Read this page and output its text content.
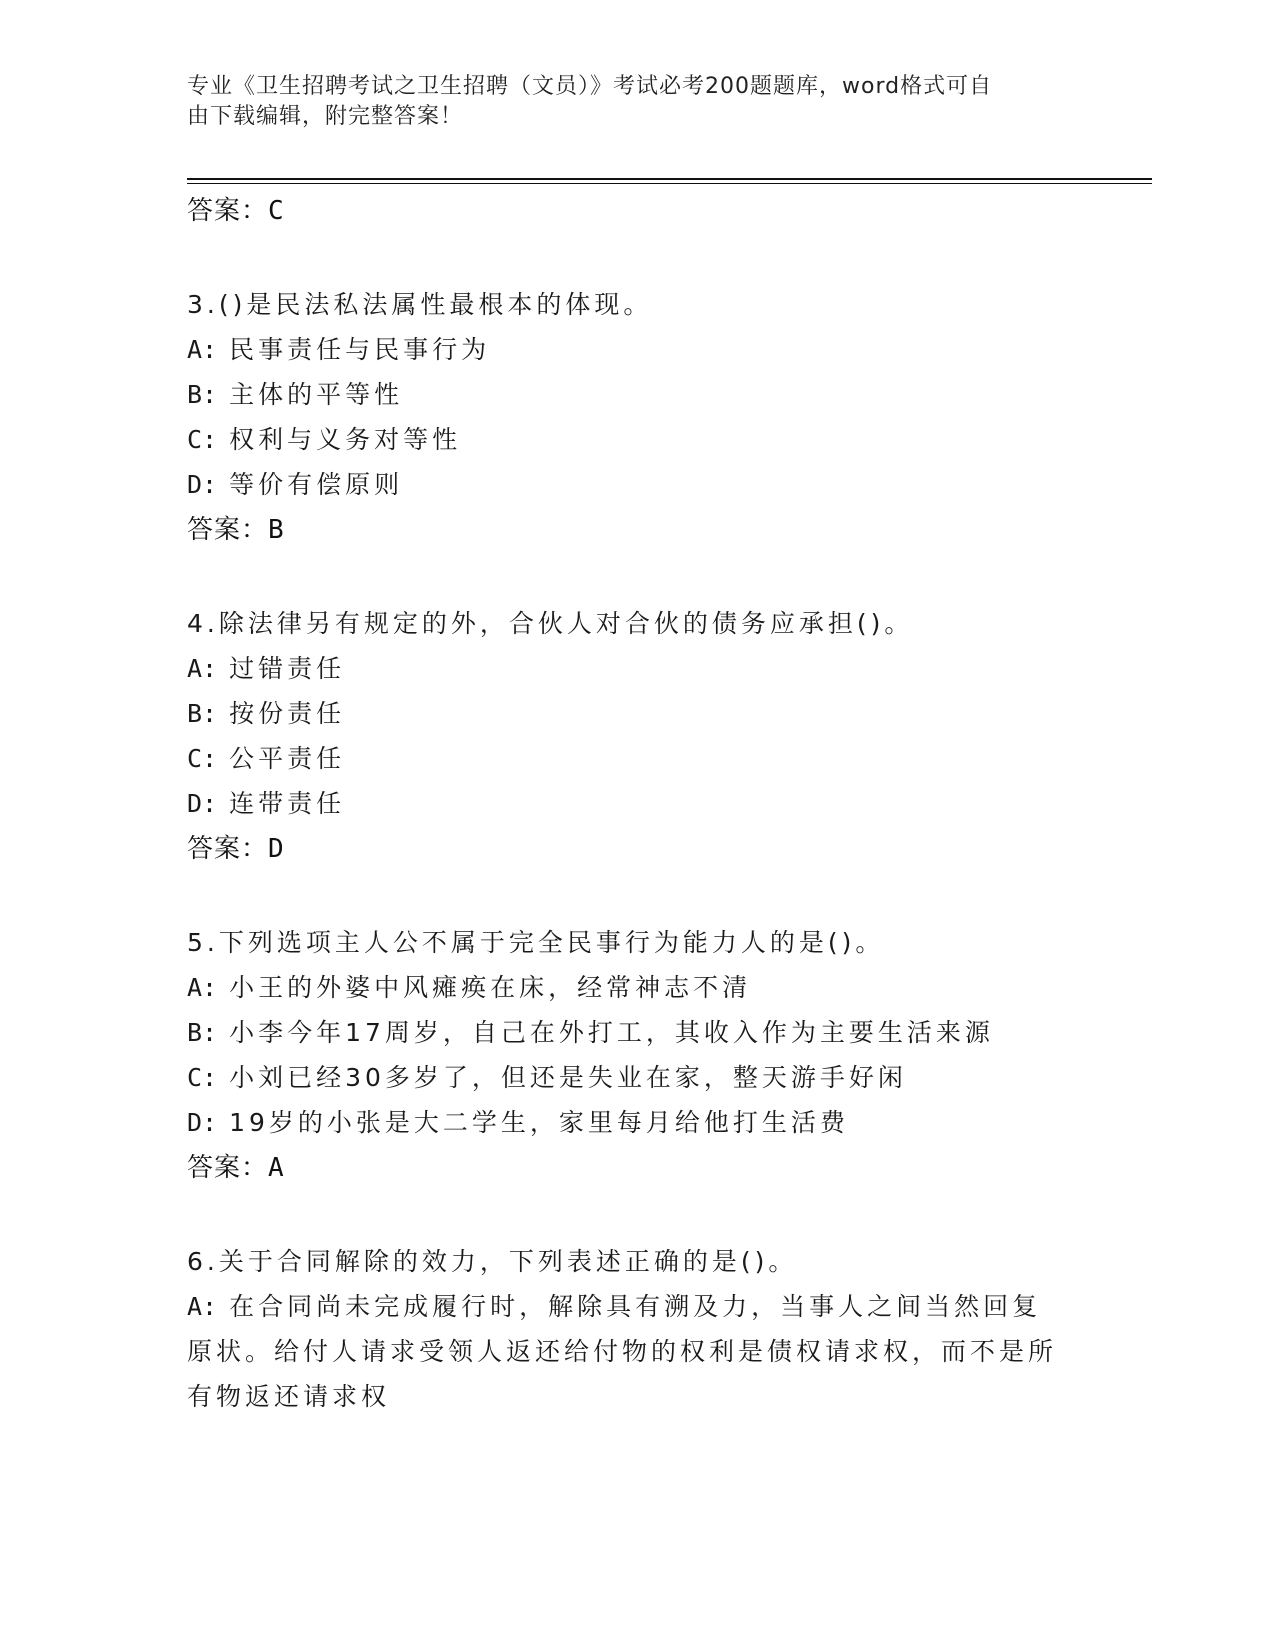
专业《卫生招聘考试之卫生招聘（文员）》考试必考200题题库，word格式可自
由下载编辑，附完整答案！
答案：C
3.()是民法私法属性最根本的体现。
A: 民事责任与民事行为
B: 主体的平等性
C: 权利与义务对等性
D: 等价有偿原则
答案：B
4.除法律另有规定的外，合伙人对合伙的债务应承担()。
A: 过错责任
B: 按份责任
C: 公平责任
D: 连带责任
答案：D
5.下列选项主人公不属于完全民事行为能力人的是()。
A: 小王的外婆中风瘫痪在床，经常神志不清
B: 小李今年17周岁，自己在外打工，其收入作为主要生活来源
C: 小刘已经30多岁了，但还是失业在家，整天游手好闲
D: 19岁的小张是大二学生，家里每月给他打生活费
答案：A
6.关于合同解除的效力，下列表述正确的是()。
A: 在合同尚未完成履行时，解除具有溯及力，当事人之间当然回复原状。给付人请求受领人返还给付物的权利是债权请求权，而不是所有物返还请求权
